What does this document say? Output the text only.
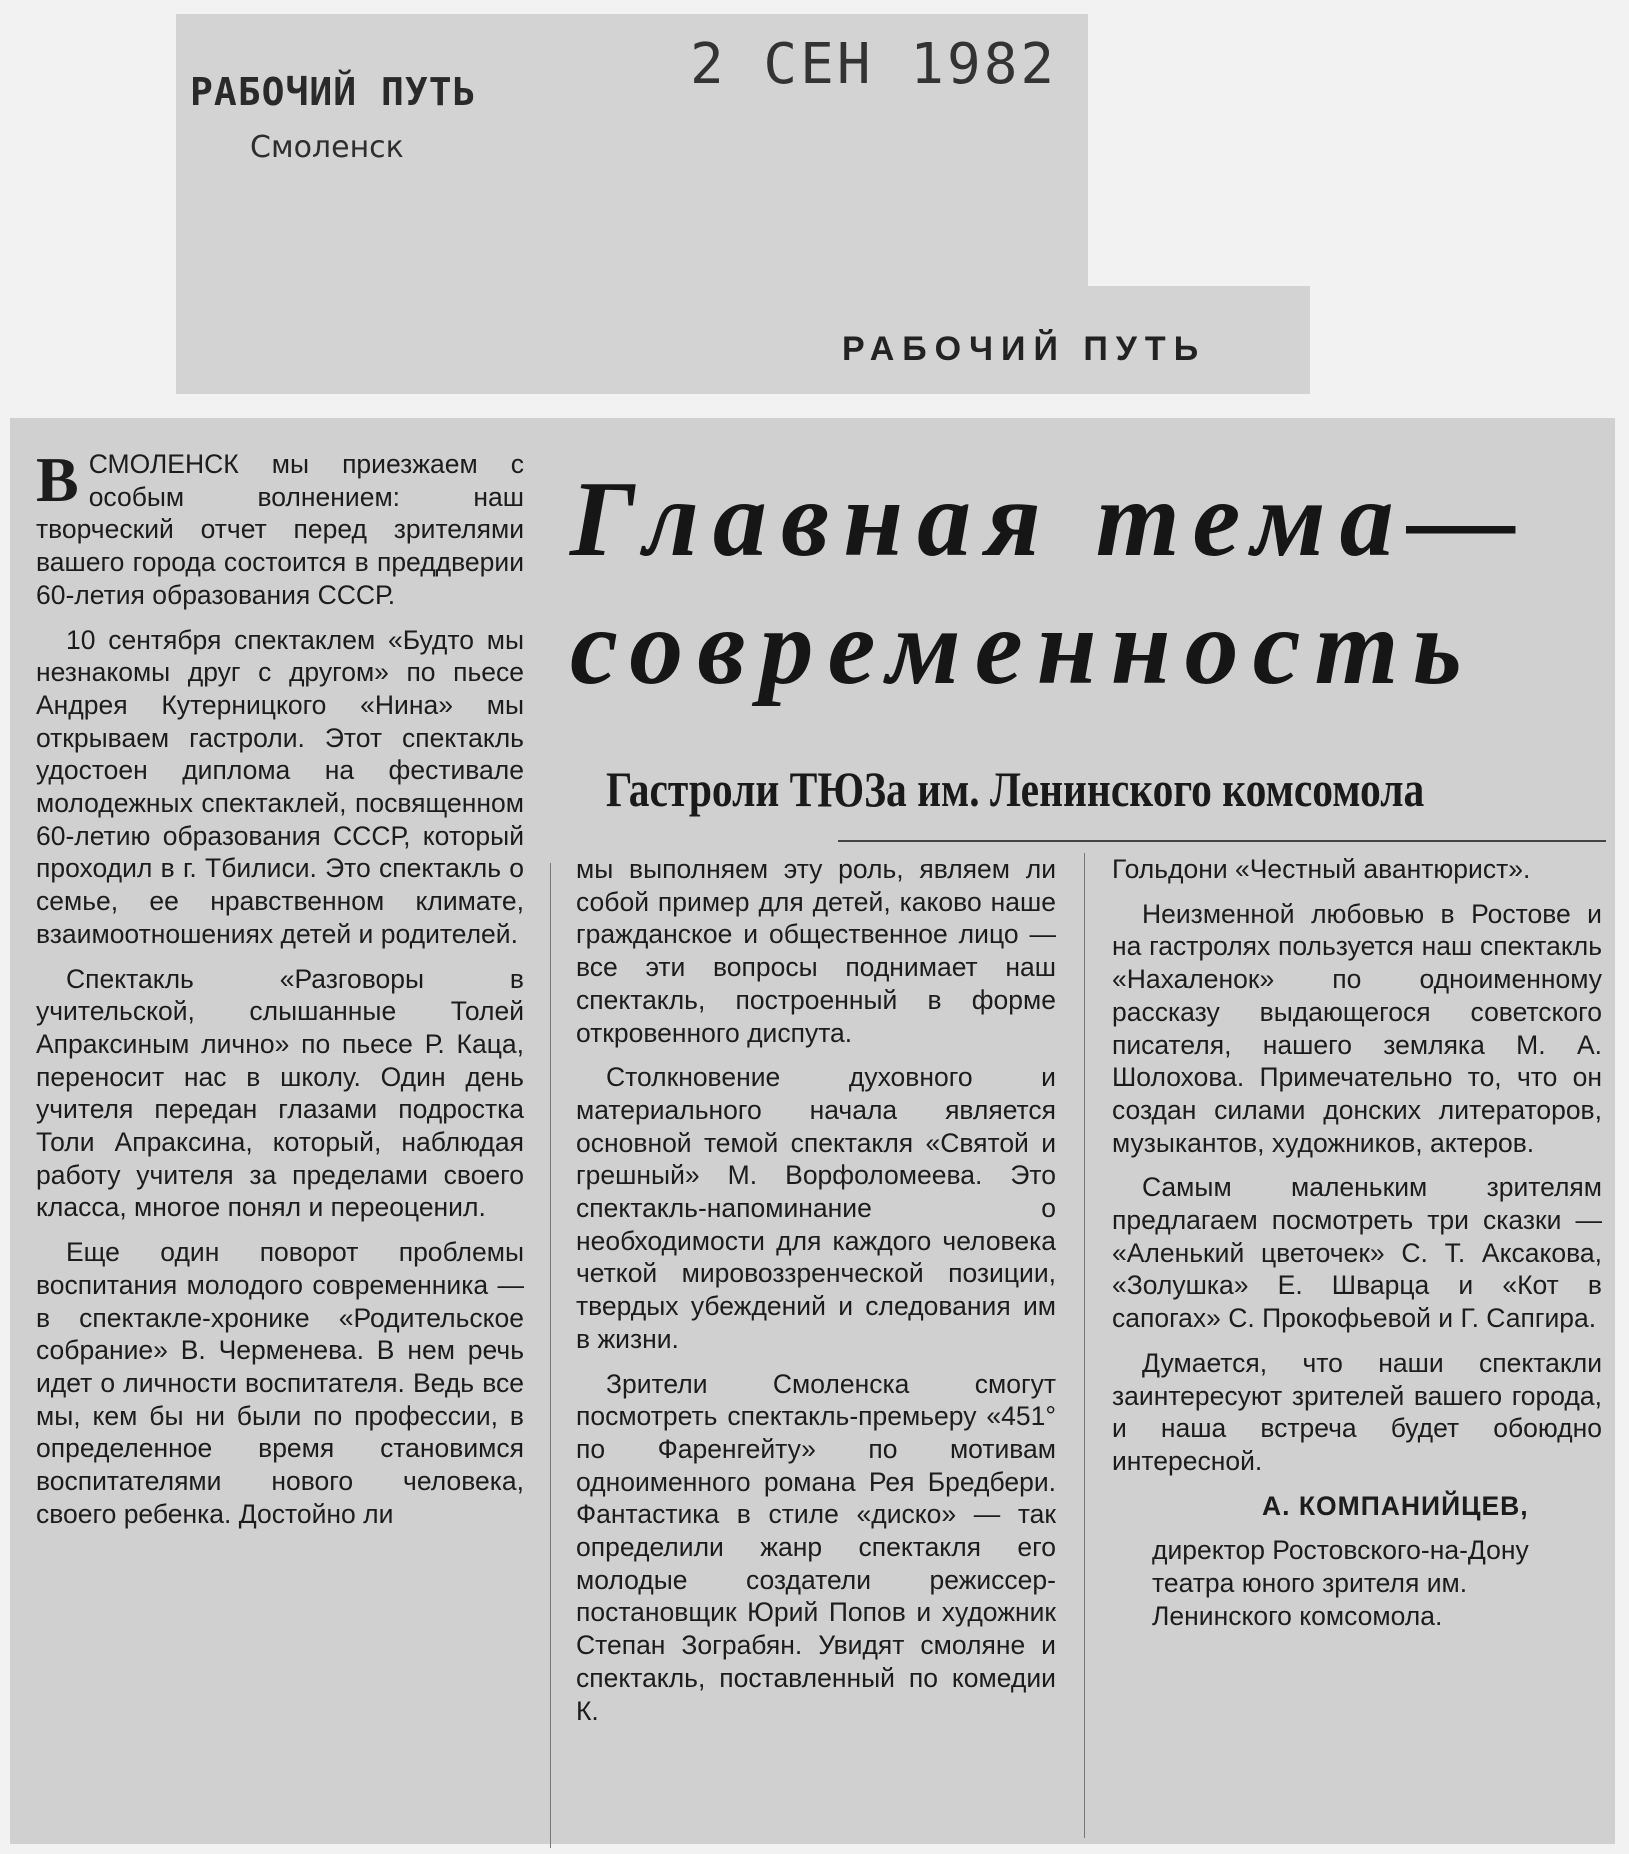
РАБОЧИЙ ПУТЬ
Смоленск
2 СЕН 1982
РАБОЧИЙ ПУТЬ
Главная тема—
современность
Гастроли ТЮЗа им. Ленинского комсомола

ВСМОЛЕНСК мы приезжаем с особым волнением: наш творческий отчет перед зрителями вашего города состоится в преддверии 60-летия образования СССР.

10 сентября спектаклем «Будто мы незнакомы друг с другом» по пьесе Андрея Кутерницкого «Нина» мы открываем гастроли. Этот спектакль удостоен диплома на фестивале молодежных спектаклей, посвященном 60-летию образования СССР, который проходил в г. Тбилиси. Это спектакль о семье, ее нравственном климате, взаимоотношениях детей и родителей.

Спектакль «Разговоры в учительской, слышанные Толей Апраксиным лично» по пьесе Р. Каца, переносит нас в школу. Один день учителя передан глазами подростка Толи Апраксина, который, наблюдая работу учителя за пределами своего класса, многое понял и переоценил.

Еще один поворот проблемы воспитания молодого современника — в спектакле-хронике «Родительское собрание» В. Черменева. В нем речь идет о личности воспитателя. Ведь все мы, кем бы ни были по профессии, в определенное время становимся воспитателями нового человека, своего ребенка. Достойно ли

мы выполняем эту роль, являем ли собой пример для детей, каково наше гражданское и общественное лицо — все эти вопросы поднимает наш спектакль, построенный в форме откровенного диспута.

Столкновение духовного и материального начала является основной темой спектакля «Святой и грешный» М. Ворфоломеева. Это спектакль-напоминание о необходимости для каждого человека четкой мировоззренческой позиции, твердых убеждений и следования им в жизни.

Зрители Смоленска смогут посмотреть спектакль-премьеру «451° по Фаренгейту» по мотивам одноименного романа Рея Бредбери. Фантастика в стиле «диско» — так определили жанр спектакля его молодые создатели режиссер-постановщик Юрий Попов и художник Степан Зограбян. Увидят смоляне и спектакль, поставленный по комедии К.

Гольдони «Честный авантюрист».

Неизменной любовью в Ростове и на гастролях пользуется наш спектакль «Нахаленок» по одноименному рассказу выдающегося советского писателя, нашего земляка М. А. Шолохова. Примечательно то, что он создан силами донских литераторов, музыкантов, художников, актеров.

Самым маленьким зрителям предлагаем посмотреть три сказки — «Аленький цветочек» С. Т. Аксакова, «Золушка» Е. Шварца и «Кот в сапогах» С. Прокофьевой и Г. Сапгира.

Думается, что наши спектакли заинтересуют зрителей вашего города, и наша встреча будет обоюдно интересной.

А. КОМПАНИЙЦЕВ,

директор Ростовского-на-Дону театра юного зрителя им. Ленинского комсомола.
